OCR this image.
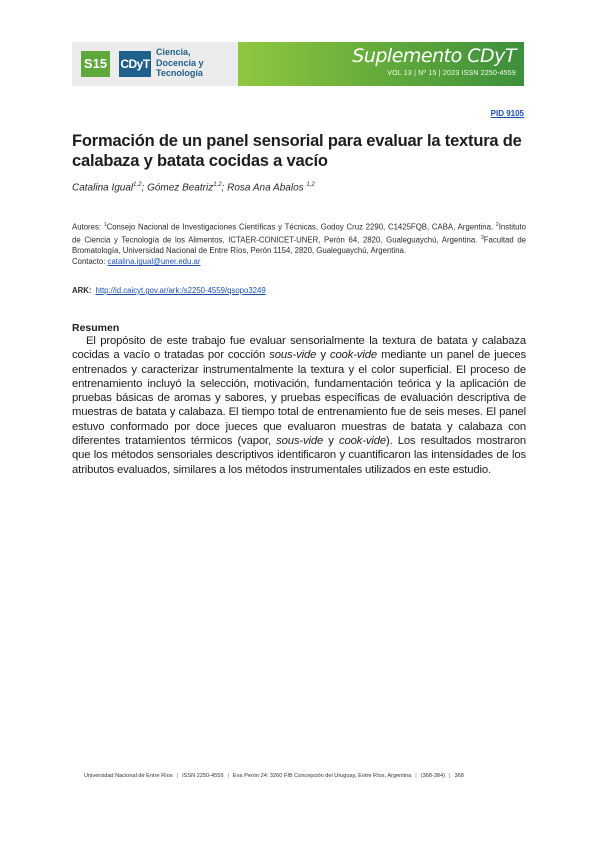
S15 CDyT
Ciencia,
Docencia y
Tecnología
Suplemento CDyT
VOL 13 | Nº 15 | 2023 ISSN 2250-4559
PID 9105
Formación de un panel sensorial para evaluar la textura de calabaza y batata cocidas a vacío
Catalina Igual$^{1,2}$; Gómez Beatriz$^{1,2}$; Rosa Ana Abalos $^{1,2}$
Autores: $^1$Consejo Nacional de Investigaciones Científicas y Técnicas, Godoy Cruz 2290, C1425FQB, CABA, Argentina. $^2$Instituto de Ciencia y Tecnología de los Alimentos, ICTAER-CONICET-UNER, Perón 64, 2820, Gualeguaychú, Argentina. $^3$Facultad de Bromatología, Universidad Nacional de Entre Ríos, Perón 1154, 2820, Gualeguaychú, Argentina.
Contacto: catalina.igual@uner.edu.ar
ARK: http://id.caicyt.gov.ar/ark:/s2250-4559/qsopo3249
Resumen
El propósito de este trabajo fue evaluar sensorialmente la textura de batata y calabaza cocidas a vacío o tratadas por cocción sous-vide y cook-vide mediante un panel de jueces entrenados y caracterizar instrumentalmente la textura y el color superficial. El proceso de entrenamiento incluyó la selección, motivación, fundamentación teórica y la aplicación de pruebas básicas de aromas y sabores, y pruebas específicas de evaluación descriptiva de muestras de batata y calabaza. El tiempo total de entrenamiento fue de seis meses. El panel estuvo conformado por doce jueces que evaluaron muestras de batata y calabaza con diferentes tratamientos térmicos (vapor, sous-vide y cook-vide). Los resultados mostraron que los métodos sensoriales descriptivos identificaron y cuantificaron las intensidades de los atributos evaluados, similares a los métodos instrumentales utilizados en este estudio.
Universidad Nacional de Entre Ríos | ISSN 2250-4559 | Eva Perón 24; 3260 FIB Concepción del Uruguay, Entre Ríos, Argentina | (368-384) | 368
